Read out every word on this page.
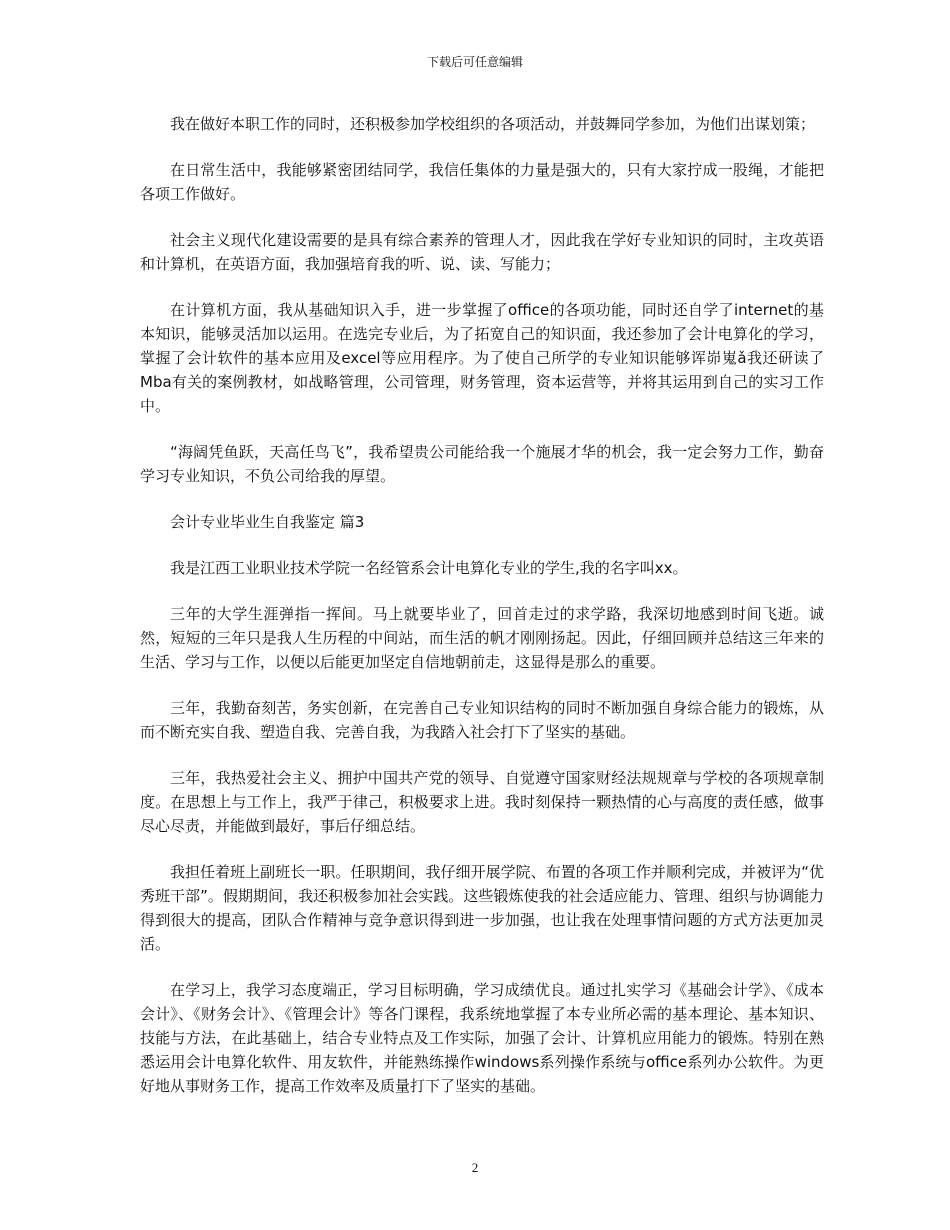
下载后可任意编辑

我在做好本职工作的同时，还积极参加学校组织的各项活动，并鼓舞同学参加，为他们出谋划策；

在日常生活中，我能够紧密团结同学，我信任集体的力量是强大的，只有大家拧成一股绳，才能把各项工作做好。

社会主义现代化建设需要的是具有综合素养的管理人才，因此我在学好专业知识的同时，主攻英语和计算机，在英语方面，我加强培育我的听、说、读、写能力；

在计算机方面，我从基础知识入手，进一步掌握了office的各项功能，同时还自学了internet的基本知识，能够灵活加以运用。在选完专业后，为了拓宽自己的知识面，我还参加了会计电算化的学习，掌握了会计软件的基本应用及excel等应用程序。为了使自己所学的专业知识能够诨峁嵬ǎ我还研读了Mba有关的案例教材，如战略管理，公司管理，财务管理，资本运营等，并将其运用到自己的实习工作中。

“海阔凭鱼跃，天高任鸟飞”，我希望贵公司能给我一个施展才华的机会，我一定会努力工作，勤奋学习专业知识，不负公司给我的厚望。

会计专业毕业生自我鉴定 篇3

我是江西工业职业技术学院一名经管系会计电算化专业的学生,我的名字叫xx。

三年的大学生涯弹指一挥间。马上就要毕业了，回首走过的求学路，我深切地感到时间飞逝。诚然，短短的三年只是我人生历程的中间站，而生活的帆才刚刚扬起。因此，仔细回顾并总结这三年来的生活、学习与工作，以便以后能更加坚定自信地朝前走，这显得是那么的重要。

三年，我勤奋刻苦，务实创新，在完善自己专业知识结构的同时不断加强自身综合能力的锻炼，从而不断充实自我、塑造自我、完善自我，为我踏入社会打下了坚实的基础。

三年，我热爱社会主义、拥护中国共产党的领导、自觉遵守国家财经法规规章与学校的各项规章制度。在思想上与工作上，我严于律己，积极要求上进。我时刻保持一颗热情的心与高度的责任感，做事尽心尽责，并能做到最好，事后仔细总结。

我担任着班上副班长一职。任职期间，我仔细开展学院、布置的各项工作并顺利完成，并被评为“优秀班干部”。假期期间，我还积极参加社会实践。这些锻炼使我的社会适应能力、管理、组织与协调能力得到很大的提高，团队合作精神与竞争意识得到进一步加强，也让我在处理事情问题的方式方法更加灵活。

在学习上，我学习态度端正，学习目标明确，学习成绩优良。通过扎实学习《基础会计学》、《成本会计》、《财务会计》、《管理会计》等各门课程，我系统地掌握了本专业所必需的基本理论、基本知识、技能与方法，在此基础上，结合专业特点及工作实际，加强了会计、计算机应用能力的锻炼。特别在熟悉运用会计电算化软件、用友软件，并能熟练操作windows系列操作系统与office系列办公软件。为更好地从事财务工作，提高工作效率及质量打下了坚实的基础。

2
